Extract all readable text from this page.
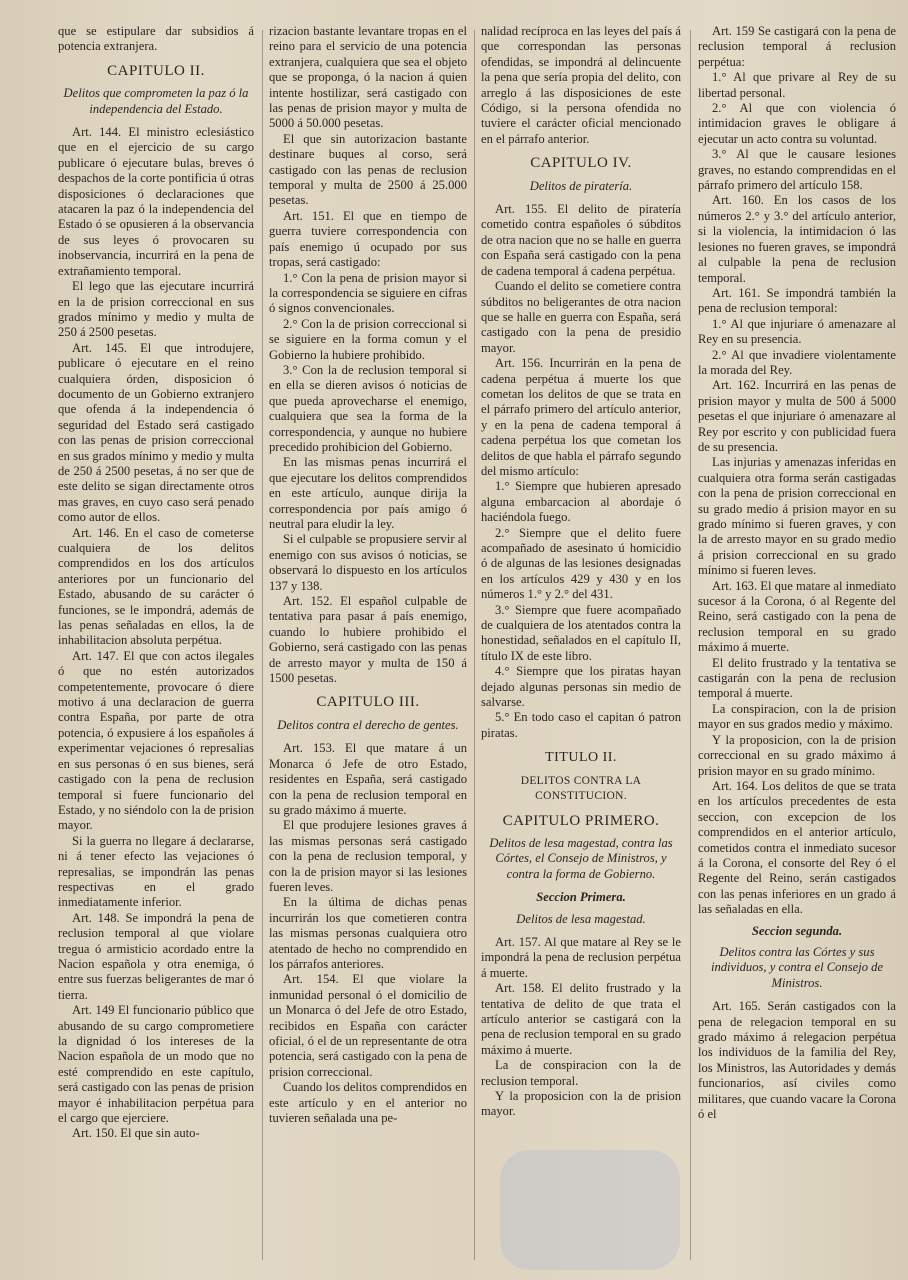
que se estipulare dar subsidios á potencia extranjera.

CAPITULO II.
Delitos que comprometen la paz ó la independencia del Estado.

Art. 144. El ministro eclesiástico que en el ejercicio de su cargo publicare ó ejecutare bulas, breves ó despachos de la corte pontificia ú otras disposiciones ó declaraciones que atacaren la paz ó la independencia del Estado ó se opusieren á la observancia de sus leyes ó provocaren su inobservancia, incurrirá en la pena de extrañamiento temporal.

El lego que las ejecutare incurrirá en la de prision correccional en sus grados mínimo y medio y multa de 250 á 2500 pesetas.

Art. 145. El que introdujere, publicare ó ejecutare en el reino cualquiera órden, disposicion ó documento de un Gobierno extranjero que ofenda á la independencia ó seguridad del Estado será castigado con las penas de prision correccional en sus grados mínimo y medio y multa de 250 á 2500 pesetas, á no ser que de este delito se sigan directamente otros mas graves, en cuyo caso será penado como autor de ellos.

Art. 146. En el caso de cometerse cualquiera de los delitos comprendidos en los dos artículos anteriores por un funcionario del Estado, abusando de su carácter ó funciones, se le impondrá, además de las penas señaladas en ellos, la de inhabilitacion absoluta perpétua.

Art. 147. El que con actos ilegales ó que no estén autorizados competentemente, provocare ó diere motivo á una declaracion de guerra contra España, por parte de otra potencia, ó expusiere á los españoles á experimentar vejaciones ó represalias en sus personas ó en sus bienes, será castigado con la pena de reclusion temporal si fuere funcionario del Estado, y no siéndolo con la de prision mayor.

Si la guerra no llegare á declararse, ni á tener efecto las vejaciones ó represalias, se impondrán las penas respectivas en el grado inmediatamente inferior.

Art. 148. Se impondrá la pena de reclusion temporal al que violare tregua ó armisticio acordado entre la Nacion española y otra enemiga, ó entre sus fuerzas beligerantes de mar ó tierra.

Art. 149 El funcionario público que abusando de su cargo comprometiere la dignidad ó los intereses de la Nacion española de un modo que no esté comprendido en este capítulo, será castigado con las penas de prision mayor é inhabilitacion perpétua para el cargo que ejerciere.

Art. 150. El que sin auto-

rizacion bastante levantare tropas en el reino para el servicio de una potencia extranjera, cualquiera que sea el objeto que se proponga, ó la nacion á quien intente hostilizar, será castigado con las penas de prision mayor y multa de 5000 á 50.000 pesetas.

El que sin autorizacion bastante destinare buques al corso, será castigado con las penas de reclusion temporal y multa de 2500 á 25.000 pesetas.

Art. 151. El que en tiempo de guerra tuviere correspondencia con país enemigo ú ocupado por sus tropas, será castigado:

1.° Con la pena de prision mayor si la correspondencia se siguiere en cifras ó signos convencionales.

2.° Con la de prision correccional si se siguiere en la forma comun y el Gobierno la hubiere prohibido.

3.° Con la de reclusion temporal si en ella se dieren avisos ó noticias de que pueda aprovecharse el enemigo, cualquiera que sea la forma de la correspondencia, y aunque no hubiere precedido prohibicion del Gobierno.

En las mismas penas incurrirá el que ejecutare los delitos comprendidos en este artículo, aunque dirija la correspondencia por país amigo ó neutral para eludir la ley.

Si el culpable se propusiere servir al enemigo con sus avisos ó noticias, se observará lo dispuesto en los artículos 137 y 138.

Art. 152. El español culpable de tentativa para pasar á país enemigo, cuando lo hubiere prohibido el Gobierno, será castigado con las penas de arresto mayor y multa de 150 á 1500 pesetas.

CAPITULO III.
Delitos contra el derecho de gentes.

Art. 153. El que matare á un Monarca ó Jefe de otro Estado, residentes en España, será castigado con la pena de reclusion temporal en su grado máximo á muerte.

El que produjere lesiones graves á las mismas personas será castigado con la pena de reclusion temporal, y con la de prision mayor si las lesiones fueren leves.

En la última de dichas penas incurrirán los que cometieren contra las mismas personas cualquiera otro atentado de hecho no comprendido en los párrafos anteriores.

Art. 154. El que violare la inmunidad personal ó el domicilio de un Monarca ó del Jefe de otro Estado, recibidos en España con carácter oficial, ó el de un representante de otra potencia, será castigado con la pena de prision correccional.

Cuando los delitos comprendidos en este artículo y en el anterior no tuvieren señalada una pe-

nalidad recíproca en las leyes del país á que correspondan las personas ofendidas, se impondrá al delincuente la pena que sería propia del delito, con arreglo á las disposiciones de este Código, si la persona ofendida no tuviere el carácter oficial mencionado en el párrafo anterior.

CAPITULO IV.
Delitos de piratería.

Art. 155. El delito de piratería cometido contra españoles ó súbditos de otra nacion que no se halle en guerra con España será castigado con la pena de cadena temporal á cadena perpétua.

Cuando el delito se cometiere contra súbditos no beligerantes de otra nacion que se halle en guerra con España, será castigado con la pena de presidio mayor.

Art. 156. Incurrirán en la pena de cadena perpétua á muerte los que cometan los delitos de que se trata en el párrafo primero del artículo anterior, y en la pena de cadena temporal á cadena perpétua los que cometan los delitos de que habla el párrafo segundo del mismo artículo:

1.° Siempre que hubieren apresado alguna embarcacion al abordaje ó haciéndola fuego.

2.° Siempre que el delito fuere acompañado de asesinato ú homicidio ó de algunas de las lesiones designadas en los artículos 429 y 430 y en los números 1.° y 2.° del 431.

3.° Siempre que fuere acompañado de cualquiera de los atentados contra la honestidad, señalados en el capítulo II, título IX de este libro.

4.° Siempre que los piratas hayan dejado algunas personas sin medio de salvarse.

5.° En todo caso el capitan ó patron piratas.

TITULO II.
DELITOS CONTRA LA CONSTITUCION.
CAPITULO PRIMERO.
Delitos de lesa magestad, contra las Córtes, el Consejo de Ministros, y contra la forma de Gobierno.
Seccion Primera.
Delitos de lesa magestad.

Art. 157. Al que matare al Rey se le impondrá la pena de reclusion perpétua á muerte.

Art. 158. El delito frustrado y la tentativa de delito de que trata el artículo anterior se castigará con la pena de reclusion temporal en su grado máximo á muerte.

La de conspiracion con la de reclusion temporal.

Y la proposicion con la de prision mayor.

Art. 159 Se castigará con la pena de reclusion temporal á reclusion perpétua:

1.° Al que privare al Rey de su libertad personal.

2.° Al que con violencia ó intimidacion graves le obligare á ejecutar un acto contra su voluntad.

3.° Al que le causare lesiones graves, no estando comprendidas en el párrafo primero del artículo 158.

Art. 160. En los casos de los números 2.° y 3.° del artículo anterior, si la violencia, la intimidacion ó las lesiones no fueren graves, se impondrá al culpable la pena de reclusion temporal.

Art. 161. Se impondrá también la pena de reclusion temporal:

1.° Al que injuriare ó amenazare al Rey en su presencia.

2.° Al que invadiere violentamente la morada del Rey.

Art. 162. Incurrirá en las penas de prision mayor y multa de 500 á 5000 pesetas el que injuriare ó amenazare al Rey por escrito y con publicidad fuera de su presencia.

Las injurias y amenazas inferidas en cualquiera otra forma serán castigadas con la pena de prision correccional en su grado medio á prision mayor en su grado mínimo si fueren graves, y con la de arresto mayor en su grado medio á prision correccional en su grado mínimo si fueren leves.

Art. 163. El que matare al inmediato sucesor á la Corona, ó al Regente del Reino, será castigado con la pena de reclusion temporal en su grado máximo á muerte.

El delito frustrado y la tentativa se castigarán con la pena de reclusion temporal á muerte.

La conspiracion, con la de prision mayor en sus grados medio y máximo.

Y la proposicion, con la de prision correccional en su grado máximo á prision mayor en su grado mínimo.

Art. 164. Los delitos de que se trata en los artículos precedentes de esta seccion, con excepcion de los comprendidos en el anterior artículo, cometidos contra el inmediato sucesor á la Corona, el consorte del Rey ó el Regente del Reino, serán castigados con las penas inferiores en un grado á las señaladas en ella.

Seccion segunda.
Delitos contra las Córtes y sus individuos, y contra el Consejo de Ministros.

Art. 165. Serán castigados con la pena de relegacion temporal en su grado máximo á relegacion perpétua los individuos de la familia del Rey, los Ministros, las Autoridades y demás funcionarios, así civiles como militares, que cuando vacare la Corona ó el
